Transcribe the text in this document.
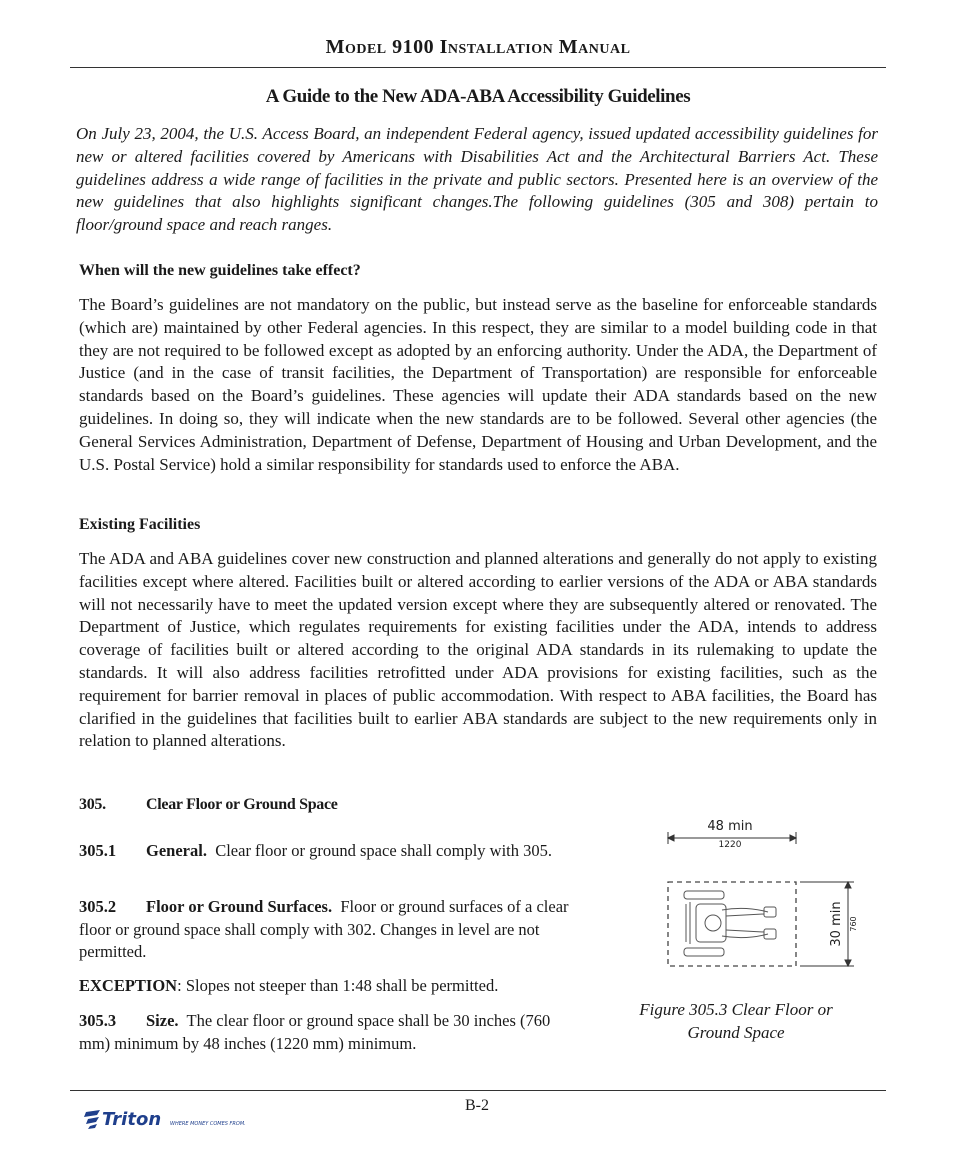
Model 9100 Installation Manual
A Guide to the New ADA-ABA Accessibility Guidelines

On July 23, 2004, the U.S. Access Board, an independent Federal agency, issued updated accessibility guidelines for new or altered facilities covered by Americans with Disabilities Act and the Architectural Barriers Act. These guidelines address a wide range of facilities in the private and public sectors. Presented here is an overview of the new guidelines that also highlights significant changes.The following guidelines (305 and 308) pertain to floor/ground space and reach ranges.

When will the new guidelines take effect?

The Board’s guidelines are not mandatory on the public, but instead serve as the baseline for enforceable standards (which are) maintained by other Federal agencies. In this respect, they are similar to a model building code in that they are not required to be followed except as adopted by an enforcing authority. Under the ADA, the Department of Justice (and in the case of transit facilities, the Department of Transportation) are responsible for enforceable standards based on the Board’s guidelines. These agencies will update their ADA standards based on the new guidelines. In doing so, they will indicate when the new standards are to be followed. Several other agencies (the General Services Administration, Department of Defense, Department of Housing and Urban Development, and the U.S. Postal Service) hold a similar responsibility for standards used to enforce the ABA.

Existing Facilities

The ADA and ABA guidelines cover new construction and planned alterations and generally do not apply to existing facilities except where altered. Facilities built or altered according to earlier versions of the ADA or ABA standards will not necessarily have to meet the updated version except where they are subsequently altered or renovated. The Department of Justice, which regulates requirements for existing facilities under the ADA, intends to address coverage of facilities built or altered according to the original ADA standards in its rulemaking to update the standards. It will also address facilities retrofitted under ADA provisions for existing facilities, such as the requirement for barrier removal in places of public accommodation. With respect to ABA facilities, the Board has clarified in the guidelines that facilities built to earlier ABA standards are subject to the new requirements only in relation to planned alterations.

305.	Clear Floor or Ground Space

305.1 General. Clear floor or ground space shall comply with 305.

305.2 Floor or Ground Surfaces. Floor or ground surfaces of a clear floor or ground space shall comply with 302. Changes in level are not permitted.

EXCEPTION: Slopes not steeper than 1:48 shall be permitted.

305.3 Size. The clear floor or ground space shall be 30 inches (760 mm) minimum by 48 inches (1220 mm) minimum.

48 min
1220
30 min 760
Figure 305.3 Clear Floor or
Ground Space
B-2
Triton WHERE MONEY COMES FROM.
